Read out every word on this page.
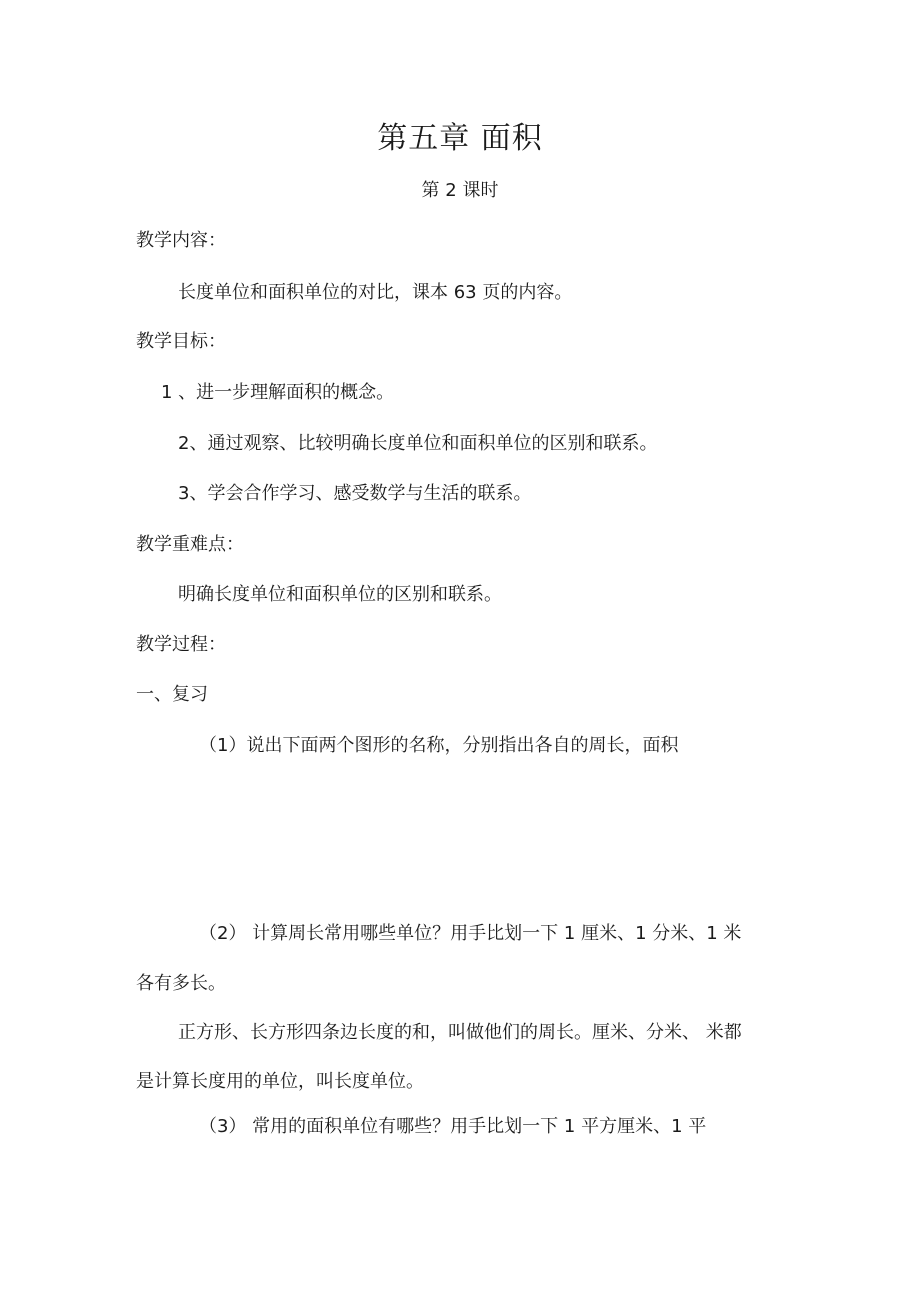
第五章 面积
第 2 课时
教学内容：
长度单位和面积单位的对比，课本 63 页的内容。
教学目标：
1 、进一步理解面积的概念。
2、通过观察、比较明确长度单位和面积单位的区别和联系。
3、学会合作学习、感受数学与生活的联系。
教学重难点：
明确长度单位和面积单位的区别和联系。
教学过程：
一、复习
（1）说出下面两个图形的名称，分别指出各自的周长，面积
（2） 计算周长常用哪些单位？用手比划一下 1 厘米、1 分米、1 米
各有多长。
正方形、长方形四条边长度的和，叫做他们的周长。厘米、分米、 米都
是计算长度用的单位，叫长度单位。
（3） 常用的面积单位有哪些？用手比划一下 1 平方厘米、1 平
